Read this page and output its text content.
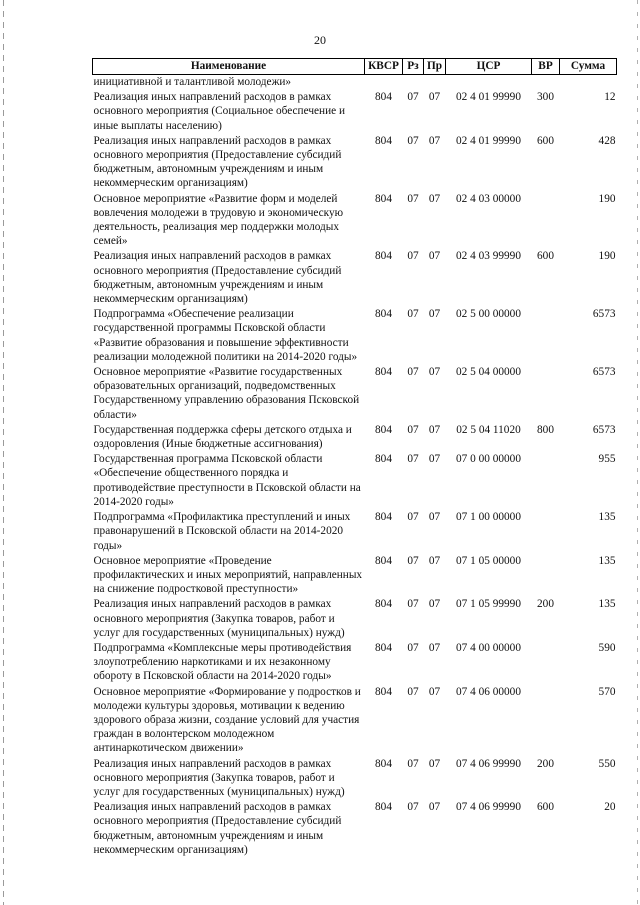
20
Наименование	КВСР	Рз	Пр	ЦСР	ВР	Сумма
инициативной и талантливой молодежи»						
Реализация иных направлений расходов в рамках основного мероприятия (Социальное обеспечение и иные выплаты населению)	804	07	07	02 4 01 99990	300	12
Реализация иных направлений расходов в рамках основного мероприятия (Предоставление субсидий бюджетным, автономным учреждениям и иным некоммерческим организациям)	804	07	07	02 4 01 99990	600	428
Основное мероприятие «Развитие форм и моделей вовлечения молодежи в трудовую и экономическую деятельность, реализация мер поддержки молодых семей»	804	07	07	02 4 03 00000		190
Реализация иных направлений расходов в рамках основного мероприятия (Предоставление субсидий бюджетным, автономным учреждениям и иным некоммерческим организациям)	804	07	07	02 4 03 99990	600	190
Подпрограмма «Обеспечение реализации государственной программы Псковской области «Развитие образования и повышение эффективности реализации молодежной политики на 2014-2020 годы»	804	07	07	02 5 00 00000		6573
Основное мероприятие «Развитие государственных образовательных организаций, подведомственных Государственному управлению образования Псковской области»	804	07	07	02 5 04 00000		6573
Государственная поддержка сферы детского отдыха и оздоровления (Иные бюджетные ассигнования)	804	07	07	02 5 04 11020	800	6573
Государственная программа Псковской области «Обеспечение общественного порядка и противодействие преступности в Псковской области на 2014-2020 годы»	804	07	07	07 0 00 00000		955
Подпрограмма «Профилактика преступлений и иных правонарушений в Псковской области на 2014-2020 годы»	804	07	07	07 1 00 00000		135
Основное мероприятие «Проведение профилактических и иных мероприятий, направленных на снижение подростковой преступности»	804	07	07	07 1 05 00000		135
Реализация иных направлений расходов в рамках основного мероприятия (Закупка товаров, работ и услуг для государственных (муниципальных) нужд)	804	07	07	07 1 05 99990	200	135
Подпрограмма «Комплексные меры противодействия злоупотреблению наркотиками и их незаконному обороту в Псковской области на 2014-2020 годы»	804	07	07	07 4 00 00000		590
Основное мероприятие «Формирование у подростков и молодежи культуры здоровья, мотивации к ведению здорового образа жизни, создание условий для участия граждан в волонтерском молодежном антинаркотическом движении»	804	07	07	07 4 06 00000		570
Реализация иных направлений расходов в рамках основного мероприятия (Закупка товаров, работ и услуг для государственных (муниципальных) нужд)	804	07	07	07 4 06 99990	200	550
Реализация иных направлений расходов в рамках основного мероприятия (Предоставление субсидий бюджетным, автономным учреждениям и иным некоммерческим организациям)	804	07	07	07 4 06 99990	600	20
